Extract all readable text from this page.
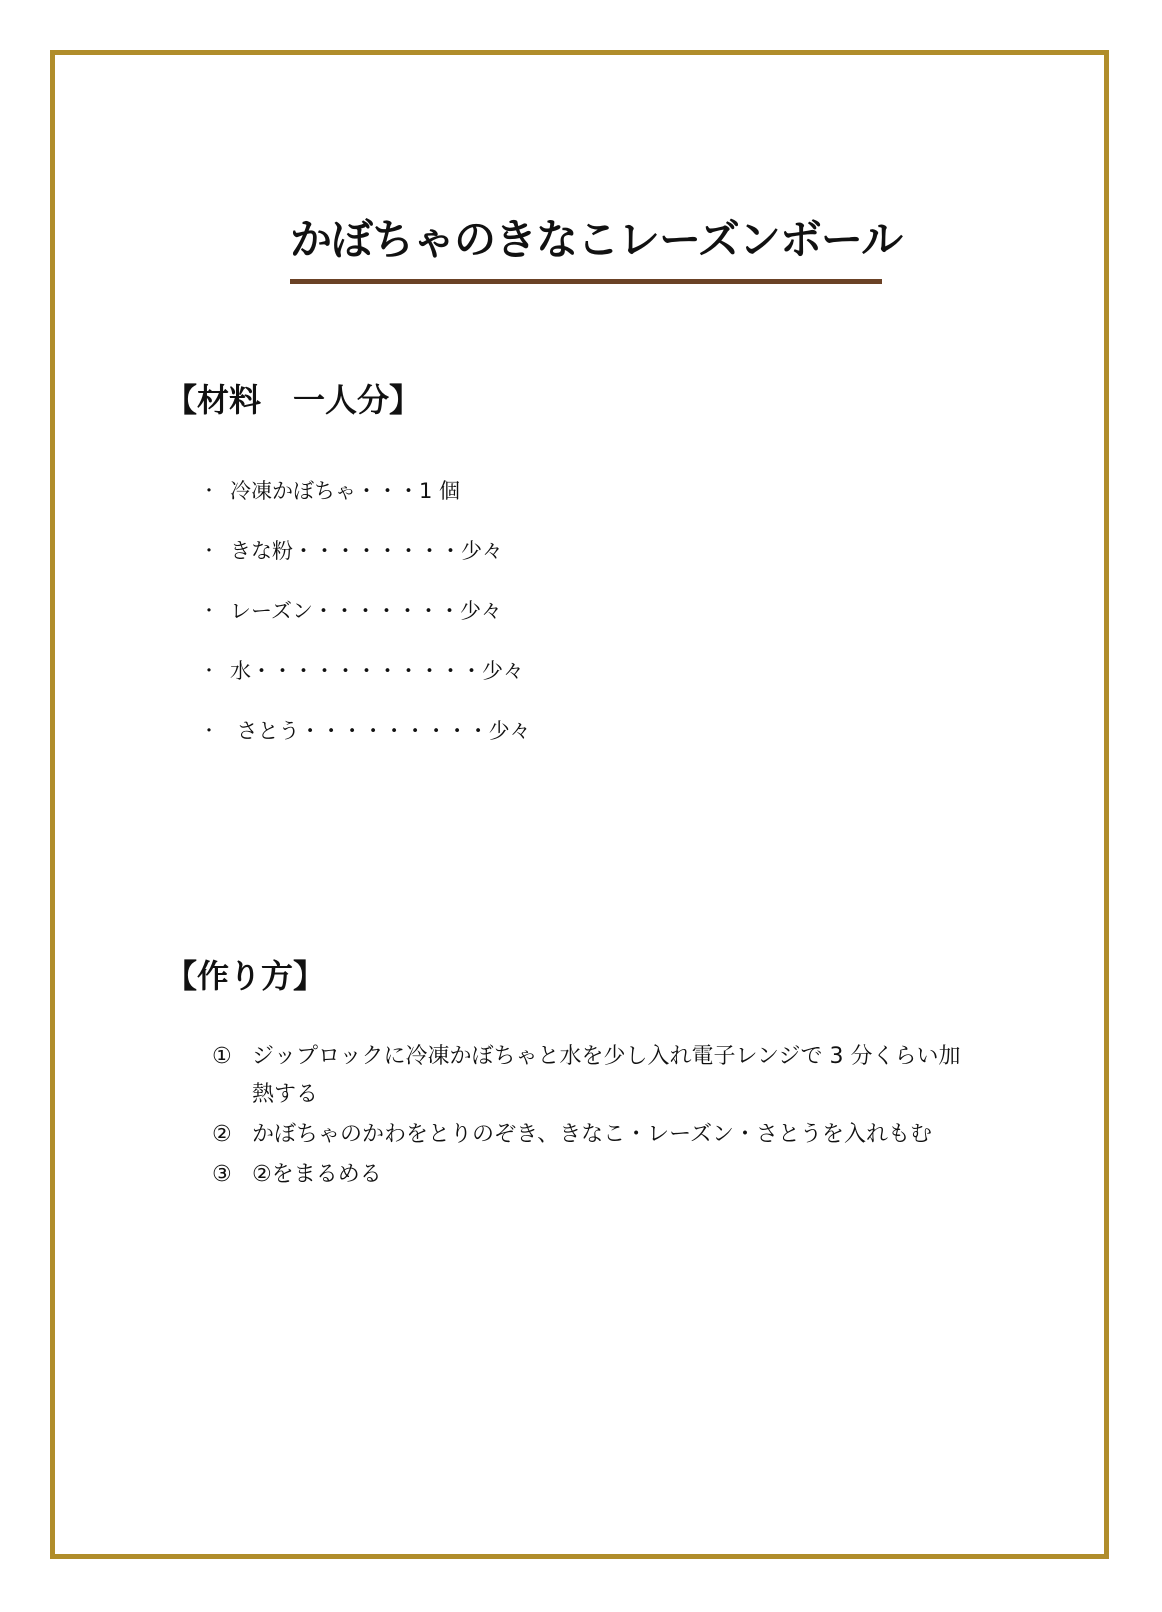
かぼちゃのきなこレーズンボール
【材料　一人分】
・ 冷凍かぼちゃ・・・1 個
・ きな粉・・・・・・・・少々
・ レーズン・・・・・・・少々
・ 水・・・・・・・・・・・少々
・ さとう・・・・・・・・・少々
【作り方】
① ジップロックに冷凍かぼちゃと水を少し入れ電子レンジで 3 分くらい加熱する
② かぼちゃのかわをとりのぞき、きなこ・レーズン・さとうを入れもむ
③ ②をまるめる
